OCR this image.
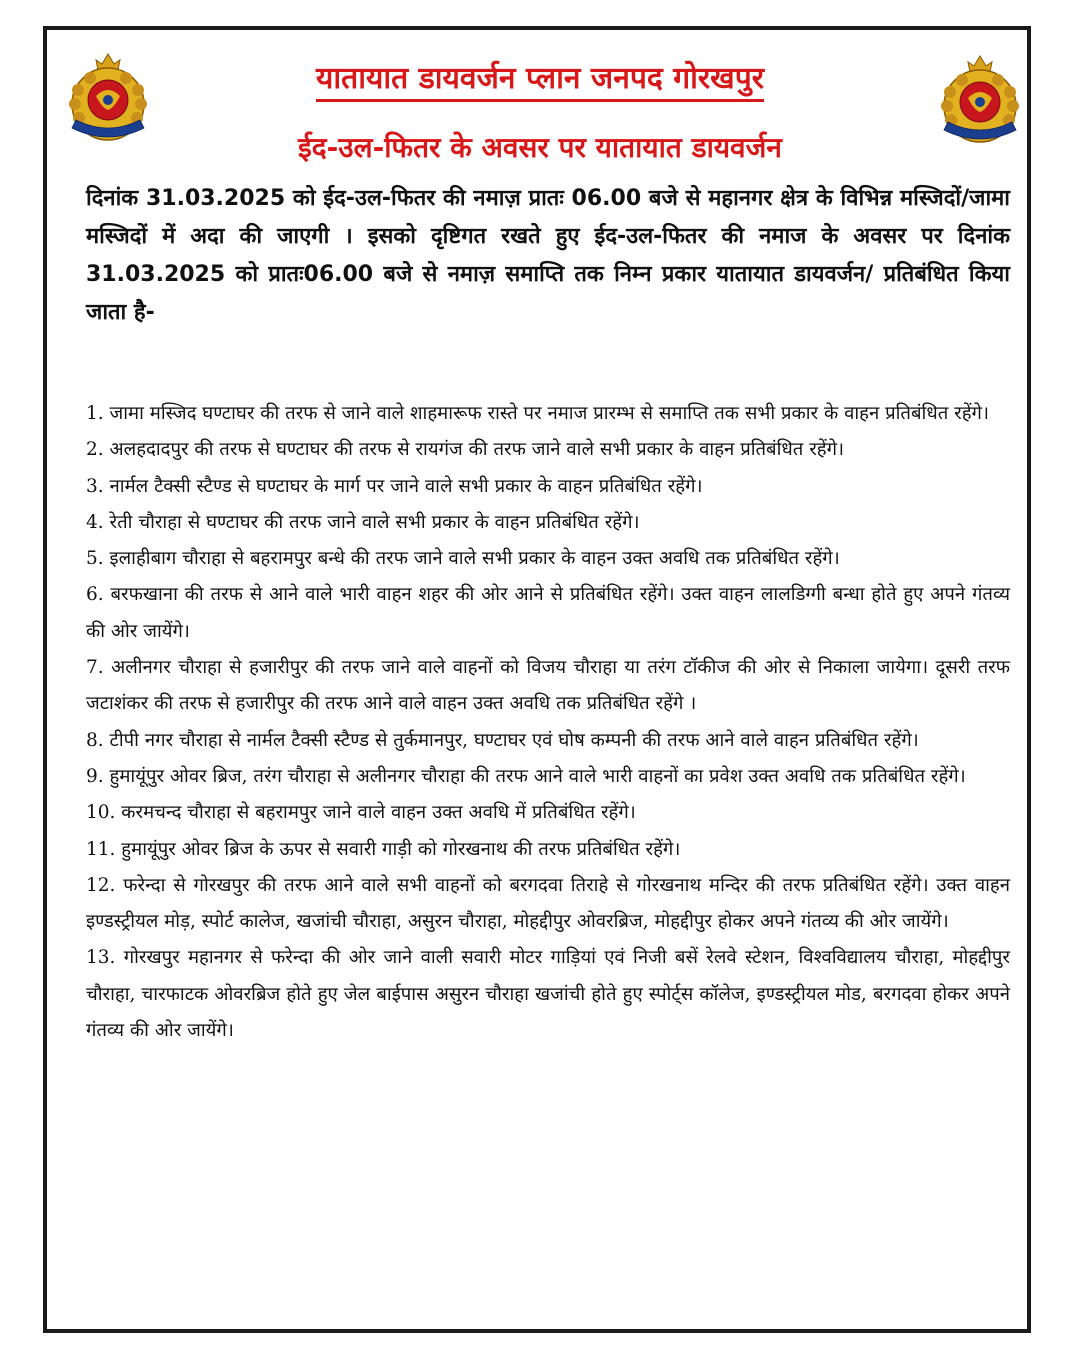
यातायात डायवर्जन प्लान जनपद गोरखपुर
ईद-उल-फितर के अवसर पर यातायात डायवर्जन

दिनांक 31.03.2025 को ईद-उल-फितर की नमाज़ प्रातः 06.00 बजे से महानगर क्षेत्र के विभिन्न मस्जिदों/जामा मस्जिदों में अदा की जाएगी । इसको दृष्टिगत रखते हुए ईद-उल-फितर की नमाज के अवसर पर दिनांक 31.03.2025 को प्रातः06.00 बजे से नमाज़ समाप्ति तक निम्न प्रकार यातायात डायवर्जन/ प्रतिबंधित किया जाता है-

1. जामा मस्जिद घण्टाघर की तरफ से जाने वाले शाहमारूफ रास्ते पर नमाज प्रारम्भ से समाप्ति तक सभी प्रकार के वाहन प्रतिबंधित रहेंगे।
2. अलहदादपुर की तरफ से घण्टाघर की तरफ से रायगंज की तरफ जाने वाले सभी प्रकार के वाहन प्रतिबंधित रहेंगे।
3. नार्मल टैक्सी स्टैण्ड से घण्टाघर के मार्ग पर जाने वाले सभी प्रकार के वाहन प्रतिबंधित रहेंगे।
4. रेती चौराहा से घण्टाघर की तरफ जाने वाले सभी प्रकार के वाहन प्रतिबंधित रहेंगे।
5. इलाहीबाग चौराहा से बहरामपुर बन्धे की तरफ जाने वाले सभी प्रकार के वाहन उक्त अवधि तक प्रतिबंधित रहेंगे।
6. बरफखाना की तरफ से आने वाले भारी वाहन शहर की ओर आने से प्रतिबंधित रहेंगे। उक्त वाहन लालडिग्गी बन्धा होते हुए अपने गंतव्य की ओर जायेंगे।
7. अलीनगर चौराहा से हजारीपुर की तरफ जाने वाले वाहनों को विजय चौराहा या तरंग टॉकीज की ओर से निकाला जायेगा। दूसरी तरफ जटाशंकर की तरफ से हजारीपुर की तरफ आने वाले वाहन उक्त अवधि तक प्रतिबंधित रहेंगे ।
8. टीपी नगर चौराहा से नार्मल टैक्सी स्टैण्ड से तुर्कमानपुर, घण्टाघर एवं घोष कम्पनी की तरफ आने वाले वाहन प्रतिबंधित रहेंगे।
9. हुमायूंपुर ओवर ब्रिज, तरंग चौराहा से अलीनगर चौराहा की तरफ आने वाले भारी वाहनों का प्रवेश उक्त अवधि तक प्रतिबंधित रहेंगे।
10. करमचन्द चौराहा से बहरामपुर जाने वाले वाहन उक्त अवधि में प्रतिबंधित रहेंगे।
11. हुमायूंपुर ओवर ब्रिज के ऊपर से सवारी गाड़ी को गोरखनाथ की तरफ प्रतिबंधित रहेंगे।
12. फरेन्दा से गोरखपुर की तरफ आने वाले सभी वाहनों को बरगदवा तिराहे से गोरखनाथ मन्दिर की तरफ प्रतिबंधित रहेंगे। उक्त वाहन इण्डस्ट्रीयल मोड़, स्पोर्ट कालेज, खजांची चौराहा, असुरन चौराहा, मोहद्दीपुर ओवरब्रिज, मोहद्दीपुर होकर अपने गंतव्य की ओर जायेंगे।
13. गोरखपुर महानगर से फरेन्दा की ओर जाने वाली सवारी मोटर गाड़ियां एवं निजी बसें रेलवे स्टेशन, विश्वविद्यालय चौराहा, मोहद्दीपुर चौराहा, चारफाटक ओवरब्रिज होते हुए जेल बाईपास असुरन चौराहा खजांची होते हुए स्पोर्ट्स कॉलेज, इण्डस्ट्रीयल मोड, बरगदवा होकर अपने गंतव्य की ओर जायेंगे।
